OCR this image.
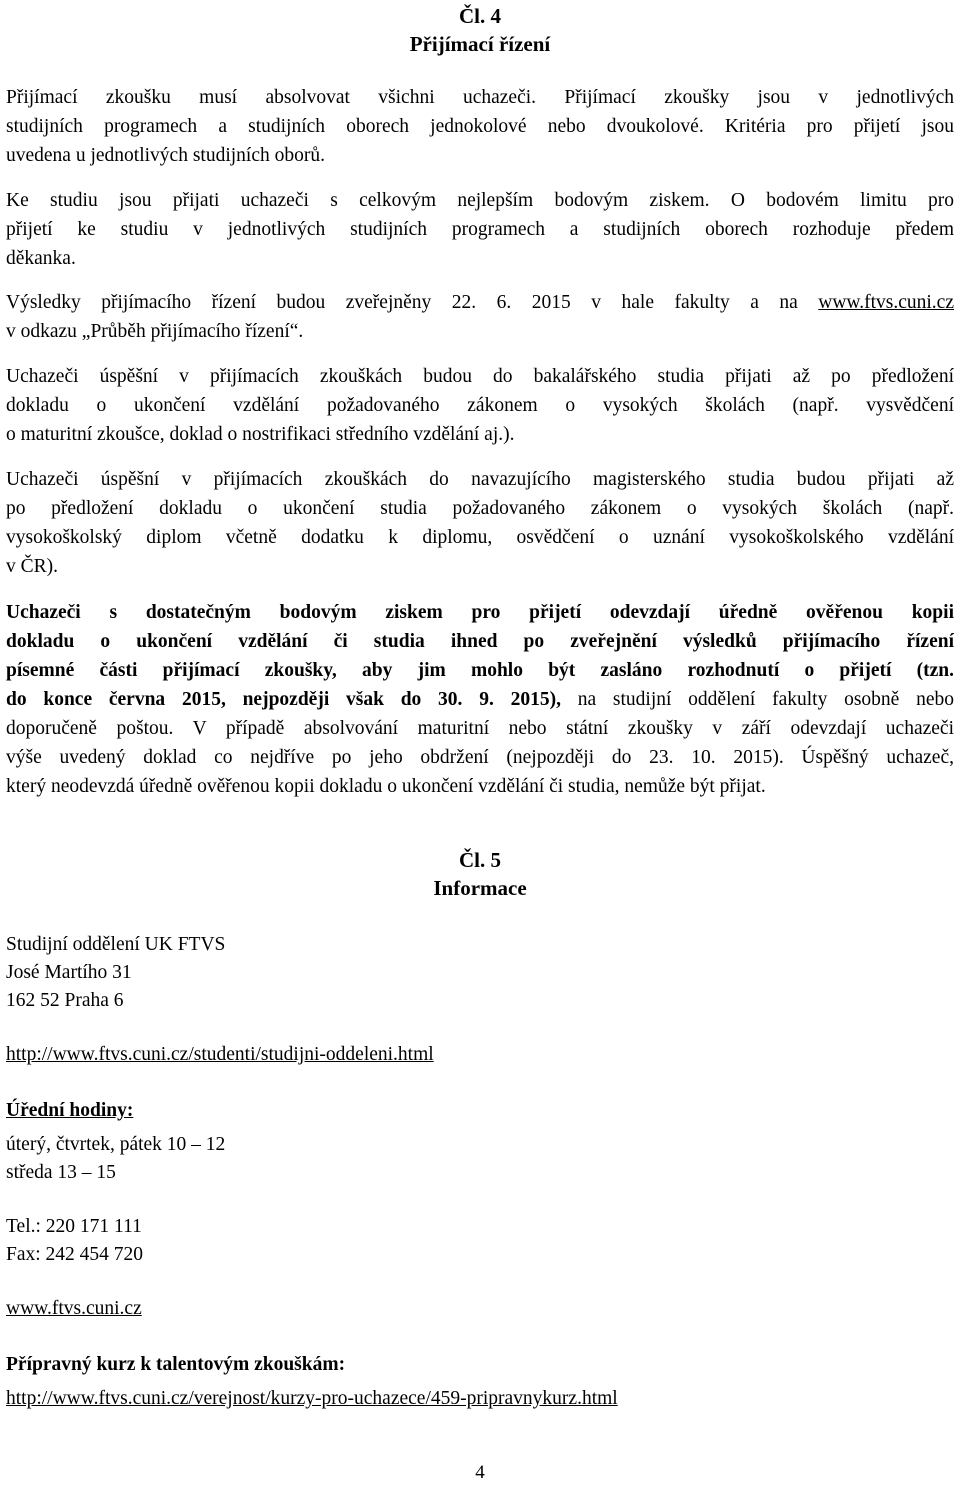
Čl. 4
Přijímací řízení
Přijímací zkoušku musí absolvovat všichni uchazeči. Přijímací zkoušky jsou v jednotlivých
studijních programech a studijních oborech jednokolové nebo dvoukolové. Kritéria pro přijetí jsou
uvedena u jednotlivých studijních oborů.
Ke studiu jsou přijati uchazeči s celkovým nejlepším bodovým ziskem. O bodovém limitu pro
přijetí ke studiu v jednotlivých studijních programech a studijních oborech rozhoduje předem
děkanka.
Výsledky přijímacího řízení budou zveřejněny 22. 6. 2015 v hale fakulty a na www.ftvs.cuni.cz
v odkazu „Průběh přijímacího řízení“.
Uchazeči úspěšní v přijímacích zkouškách budou do bakalářského studia přijati až po předložení
dokladu o ukončení vzdělání požadovaného zákonem o vysokých školách (např. vysvědčení
o maturitní zkoušce, doklad o nostrifikaci středního vzdělání aj.).
Uchazeči úspěšní v přijímacích zkouškách do navazujícího magisterského studia budou přijati až
po předložení dokladu o ukončení studia požadovaného zákonem o vysokých školách (např.
vysokoškolský diplom včetně dodatku k diplomu, osvědčení o uznání vysokoškolského vzdělání
v ČR).
Uchazeči s dostatečným bodovým ziskem pro přijetí odevzdají úředně ověřenou kopii
dokladu o ukončení vzdělání či studia ihned po zveřejnění výsledků přijímacího řízení
písemné části přijímací zkoušky, aby jim mohlo být zasláno rozhodnutí o přijetí (tzn.
do konce června 2015, nejpozději však do 30. 9. 2015), na studijní oddělení fakulty osobně nebo
doporučeně poštou. V případě absolvování maturitní nebo státní zkoušky v září odevzdají uchazeči
výše uvedený doklad co nejdříve po jeho obdržení (nejpozději do 23. 10. 2015). Úspěšný uchazeč,
který neodevzdá úředně ověřenou kopii dokladu o ukončení vzdělání či studia, nemůže být přijat.
Čl. 5
Informace
Studijní oddělení UK FTVS
José Martího 31
162 52 Praha 6
http://www.ftvs.cuni.cz/studenti/studijni-oddeleni.html
Úřední hodiny:
úterý, čtvrtek, pátek 10 – 12
středa 13 – 15
Tel.: 220 171 111
Fax: 242 454 720
www.ftvs.cuni.cz
Přípravný kurz k talentovým zkouškám:
http://www.ftvs.cuni.cz/verejnost/kurzy-pro-uchazece/459-pripravnykurz.html
4
